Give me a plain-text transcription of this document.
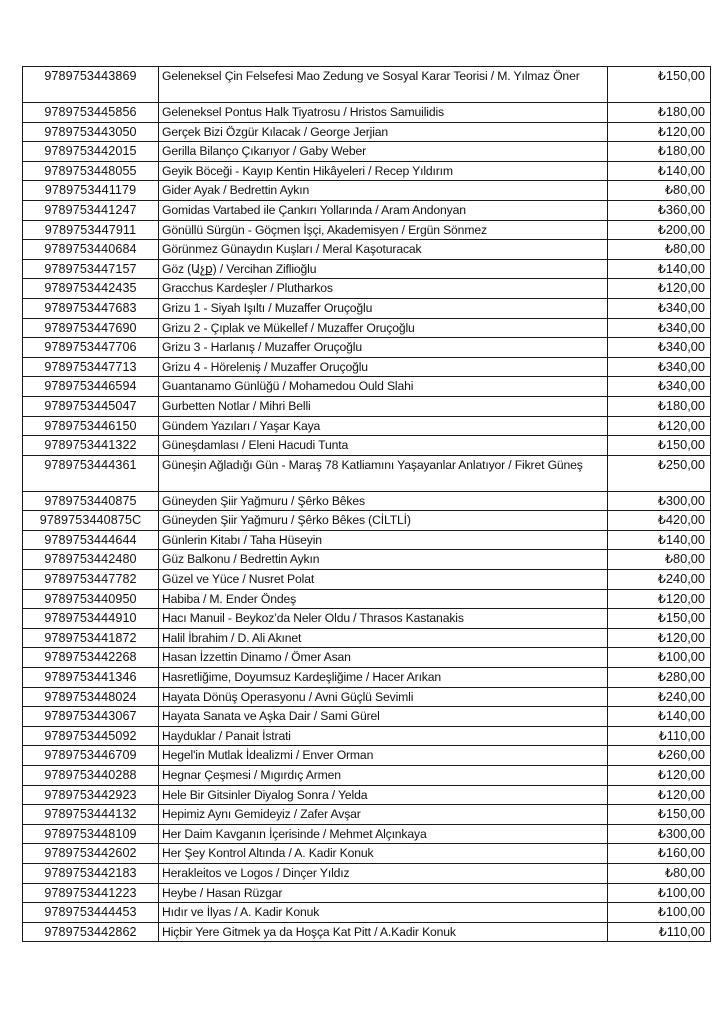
9789753443869	Geleneksel Çin Felsefesi Mao Zedung ve Sosyal Karar Teorisi / M. Yılmaz Öner	₺150,00
9789753445856	Geleneksel Pontus Halk Tiyatrosu / Hristos Samuilidis	₺180,00
9789753443050	Gerçek Bizi Özgür Kılacak / George Jerjian	₺120,00
9789753442015	Gerilla Bilanço Çıkarıyor / Gaby Weber	₺180,00
9789753448055	Geyik Böceği - Kayıp Kentin Hikâyeleri / Recep Yıldırım	₺140,00
9789753441179	Gider Ayak / Bedrettin Aykın	₺80,00
9789753441247	Gomidas Vartabed ile Çankırı Yollarında / Aram Andonyan	₺360,00
9789753447911	Gönüllü Sürgün - Göçmen İşçi, Akademisyen / Ergün Sönmez	₺200,00
9789753440684	Görünmez Günaydın Kuşları / Meral Kaşoturacak	₺80,00
9789753447157	Göz (Աչք) / Vercihan Ziflioğlu	₺140,00
9789753442435	Gracchus Kardeşler / Plutharkos	₺120,00
9789753447683	Grizu 1 - Siyah Işıltı / Muzaffer Oruçoğlu	₺340,00
9789753447690	Grizu 2 - Çıplak ve Mükellef / Muzaffer Oruçoğlu	₺340,00
9789753447706	Grizu 3 - Harlanış / Muzaffer Oruçoğlu	₺340,00
9789753447713	Grizu 4 - Hörelenіş / Muzaffer Oruçoğlu	₺340,00
9789753446594	Guantanamo Günlüğü / Mohamedou Ould Slahi	₺340,00
9789753445047	Gurbetten Notlar / Mihri Belli	₺180,00
9789753446150	Gündem Yazıları / Yaşar Kaya	₺120,00
9789753441322	Güneşdamlası / Eleni Hacudi Tunta	₺150,00
9789753444361	Güneşin Ağladığı Gün - Maraş 78 Katliamını Yaşayanlar Anlatıyor / Fikret Güneş	₺250,00
9789753440875	Güneyden Şiir Yağmuru / Şêrko Bêkes	₺300,00
9789753440875C	Güneyden Şiir Yağmuru / Şêrko Bêkes (CİLTLİ)	₺420,00
9789753444644	Günlerin Kitabı / Taha Hüseyin	₺140,00
9789753442480	Güz Balkonu / Bedrettin Aykın	₺80,00
9789753447782	Güzel ve Yüce / Nusret Polat	₺240,00
9789753440950	Habiba / M. Ender Öndeş	₺120,00
9789753444910	Hacı Manuil - Beykoz’da Neler Oldu / Thrasos Kastanakis	₺150,00
9789753441872	Halil İbrahim / D. Ali Akınet	₺120,00
9789753442268	Hasan İzzettin Dinamo / Ömer Asan	₺100,00
9789753441346	Hasretliğime, Doyumsuz Kardeşliğime / Hacer Arıkan	₺280,00
9789753448024	Hayata Dönüş Operasyonu / Avni Güçlü Sevimli	₺240,00
9789753443067	Hayata Sanata ve Aşka Dair / Sami Gürel	₺140,00
9789753445092	Hayduklar / Panait İstrati	₺110,00
9789753446709	Hegel'in Mutlak İdealizmi / Enver Orman	₺260,00
9789753440288	Hegnar Çeşmesi / Mıgırdıç Armen	₺120,00
9789753442923	Hele Bir Gitsinler Diyalog Sonra / Yelda	₺120,00
9789753444132	Hepimiz Aynı Gemideyiz / Zafer Avşar	₺150,00
9789753448109	Her Daim Kavganın İçerisinde / Mehmet Alçınkaya	₺300,00
9789753442602	Her Şey Kontrol Altında / A. Kadir Konuk	₺160,00
9789753442183	Herakleitos ve Logos / Dinçer Yıldız	₺80,00
9789753441223	Heybe / Hasan Rüzgar	₺100,00
9789753444453	Hıdır ve İlyas / A. Kadir Konuk	₺100,00
9789753442862	Hiçbir Yere Gitmek ya da Hoşça Kat Pitt / A.Kadir Konuk	₺110,00
